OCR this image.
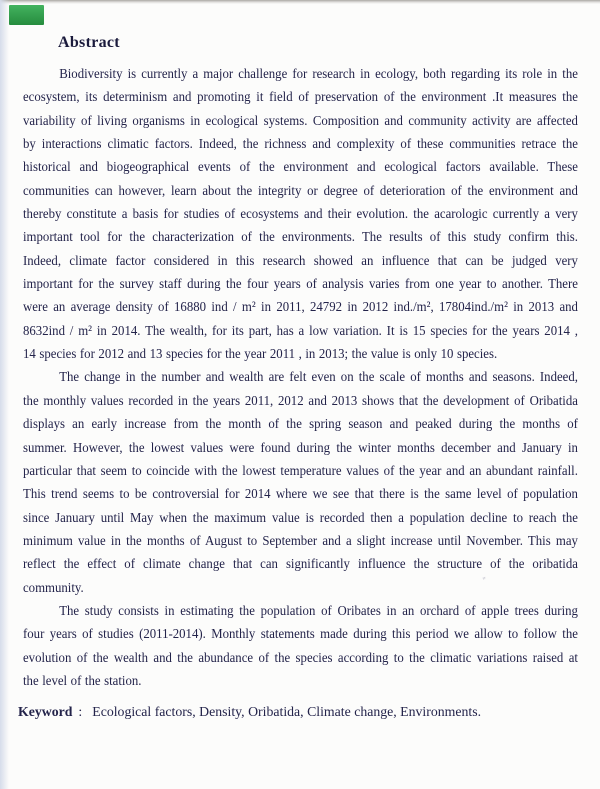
″
Abstract
Biodiversity is currently a major challenge for research in ecology, both regarding its role in the
ecosystem, its determinism and promoting it field of preservation of the environment .It measures the
variability of living organisms in ecological systems. Composition and community activity are affected
by interactions climatic factors. Indeed, the richness and complexity of these communities retrace the
historical and biogeographical events of the environment and ecological factors available. These
communities can however, learn about the integrity or degree of deterioration of the environment and
thereby constitute a basis for studies of ecosystems and their evolution. the acarologic currently a very
important tool for the characterization of the environments. The results of this study confirm this.
Indeed, climate factor considered in this research showed an influence that can be judged very
important for the survey staff during the four years of analysis varies from one year to another. There
were an average density of 16880 ind / m² in 2011, 24792 in 2012 ind./m², 17804ind./m² in 2013 and
8632ind / m² in 2014. The wealth, for its part, has a low variation. It is 15 species for the years 2014 ,
14 species for 2012 and 13 species for the year 2011 , in 2013; the value is only 10 species.
The change in the number and wealth are felt even on the scale of months and seasons. Indeed,
the monthly values recorded in the years 2011, 2012 and 2013 shows that the development of Oribatida
displays an early increase from the month of the spring season and peaked during the months of
summer. However, the lowest values were found during the winter months december and January in
particular that seem to coincide with the lowest temperature values of the year and an abundant rainfall.
This trend seems to be controversial for 2014 where we see that there is the same level of population
since January until May when the maximum value is recorded then a population decline to reach the
minimum value in the months of August to September and a slight increase until November. This may
reflect the effect of climate change that can significantly influence the structure of the oribatida
community.
The study consists in estimating the population of Oribates in an orchard of apple trees during
four years of studies (2011-2014). Monthly statements made during this period we allow to follow the
evolution of the wealth and the abundance of the species according to the climatic variations raised at
the level of the station.
Keyword : Ecological factors, Density, Oribatida, Climate change, Environments.
